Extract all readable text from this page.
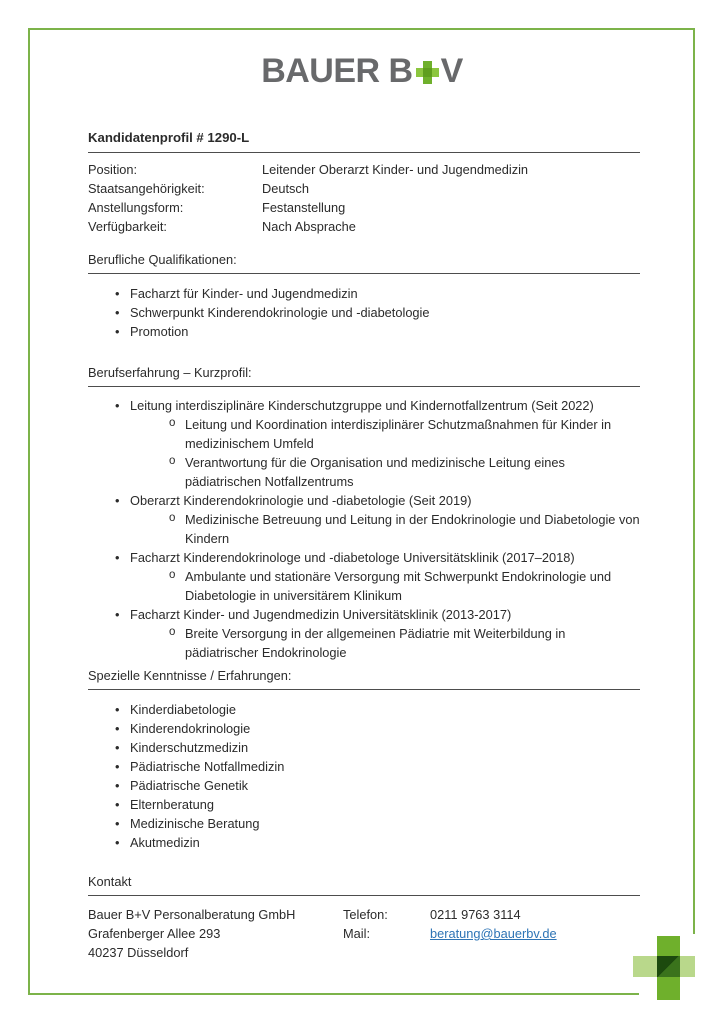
BAUER B V
Kandidatenprofil # 1290-L
Position:	Leitender Oberarzt Kinder- und Jugendmedizin
Staatsangehörigkeit:	Deutsch
Anstellungsform:	Festanstellung
Verfügbarkeit:	Nach Absprache
Berufliche Qualifikationen:
• Facharzt für Kinder- und Jugendmedizin
• Schwerpunkt Kinderendokrinologie und -diabetologie
• Promotion
Berufserfahrung – Kurzprofil:
• Leitung interdisziplinäre Kinderschutzgruppe und Kindernotfallzentrum (Seit 2022)
o Leitung und Koordination interdisziplinärer Schutzmaßnahmen für Kinder in medizinischem Umfeld
o Verantwortung für die Organisation und medizinische Leitung eines pädiatrischen Notfallzentrums
• Oberarzt Kinderendokrinologie und -diabetologie (Seit 2019)
o Medizinische Betreuung und Leitung in der Endokrinologie und Diabetologie von Kindern
• Facharzt Kinderendokrinologe und -diabetologe Universitätsklinik (2017–2018)
o Ambulante und stationäre Versorgung mit Schwerpunkt Endokrinologie und Diabetologie in universitärem Klinikum
• Facharzt Kinder- und Jugendmedizin Universitätsklinik (2013-2017)
o Breite Versorgung in der allgemeinen Pädiatrie mit Weiterbildung in pädiatrischer Endokrinologie
Spezielle Kenntnisse / Erfahrungen:
• Kinderdiabetologie
• Kinderendokrinologie
• Kinderschutzmedizin
• Pädiatrische Notfallmedizin
• Pädiatrische Genetik
• Elternberatung
• Medizinische Beratung
• Akutmedizin
Kontakt
Bauer B+V Personalberatung GmbH
Grafenberger Allee 293
40237 Düsseldorf
Telefon:	0211 9763 3114
Mail:	beratung@bauerbv.de
